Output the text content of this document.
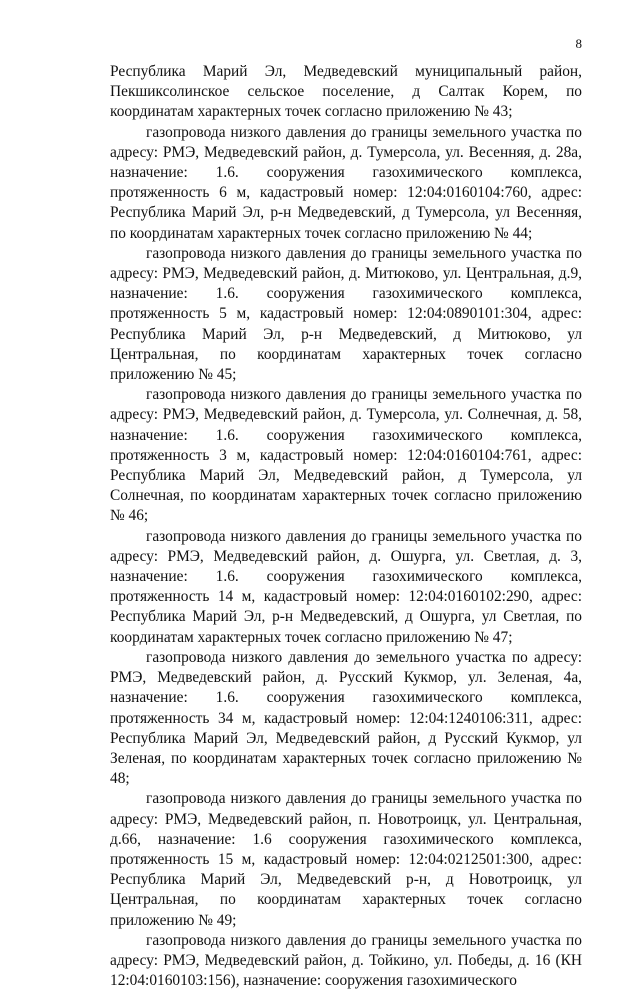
8

Республика Марий Эл, Медведевский муниципальный район, Пекшиксолинское сельское поселение, д Салтак Корем, по координатам характерных точек согласно приложению № 43;

газопровода низкого давления до границы земельного участка по адресу: РМЭ, Медведевский район, д. Тумерсола, ул. Весенняя, д. 28а, назначение: 1.6. сооружения газохимического комплекса, протяженность 6 м, кадастровый номер: 12:04:0160104:760, адрес: Республика Марий Эл, р-н Медведевский, д Тумерсола, ул Весенняя, по координатам характерных точек согласно приложению № 44;

газопровода низкого давления до границы земельного участка по адресу: РМЭ, Медведевский район, д. Митюково, ул. Центральная, д.9, назначение: 1.6. сооружения газохимического комплекса, протяженность 5 м, кадастровый номер: 12:04:0890101:304, адрес: Республика Марий Эл, р-н Медведевский, д Митюково, ул Центральная, по координатам характерных точек согласно приложению № 45;

газопровода низкого давления до границы земельного участка по адресу: РМЭ, Медведевский район, д. Тумерсола, ул. Солнечная, д. 58, назначение: 1.6. сооружения газохимического комплекса, протяженность 3 м, кадастровый номер: 12:04:0160104:761, адрес: Республика Марий Эл, Медведевский район, д Тумерсола, ул Солнечная, по координатам характерных точек согласно приложению № 46;

газопровода низкого давления до границы земельного участка по адресу: РМЭ, Медведевский район, д. Ошурга, ул. Светлая, д. 3, назначение: 1.6. сооружения газохимического комплекса, протяженность 14 м, кадастровый номер: 12:04:0160102:290, адрес: Республика Марий Эл, р-н Медведевский, д Ошурга, ул Светлая, по координатам характерных точек согласно приложению № 47;

газопровода низкого давления до земельного участка по адресу: РМЭ, Медведевский район, д. Русский Кукмор, ул. Зеленая, 4а, назначение: 1.6. сооружения газохимического комплекса, протяженность 34 м, кадастровый номер: 12:04:1240106:311, адрес: Республика Марий Эл, Медведевский район, д Русский Кукмор, ул Зеленая, по координатам характерных точек согласно приложению № 48;

газопровода низкого давления до границы земельного участка по адресу: РМЭ, Медведевский район, п. Новотроицк, ул. Центральная, д.66, назначение: 1.6 сооружения газохимического комплекса, протяженность 15 м, кадастровый номер: 12:04:0212501:300, адрес: Республика Марий Эл, Медведевский р-н, д Новотроицк, ул Центральная, по координатам характерных точек согласно приложению № 49;

газопровода низкого давления до границы земельного участка по адресу: РМЭ, Медведевский район, д. Тойкино, ул. Победы, д. 16 (КН 12:04:0160103:156), назначение: сооружения газохимического
